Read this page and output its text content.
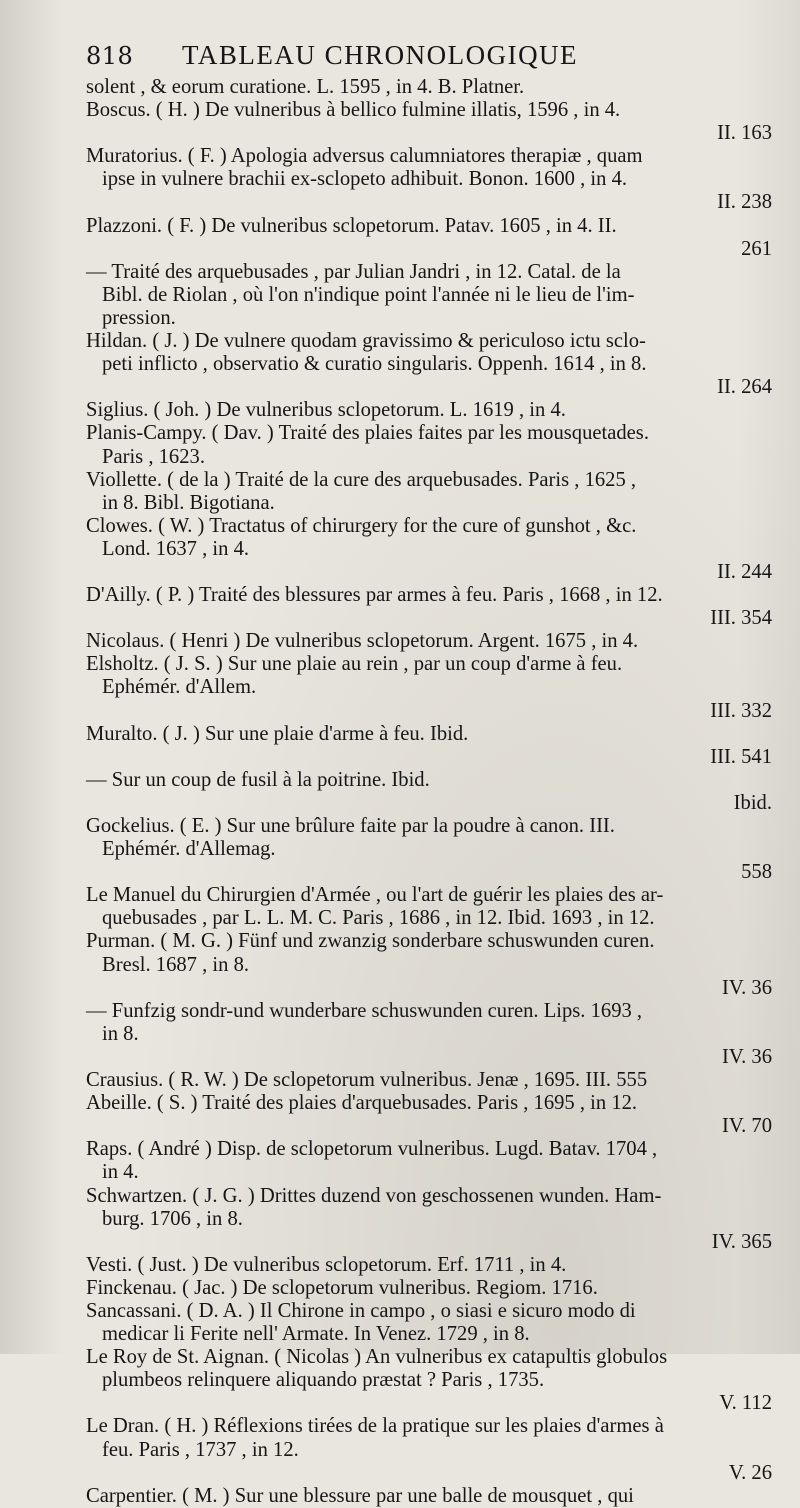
818	TABLEAU CHRONOLOGIQUE

solent , & eorum curatione. L. 1595 , in 4. B. Platner.

Boscus. ( H. ) De vulneribus à bellico fulmine illatis, 1596 , in 4.

II. 163

Muratorius. ( F. ) Apologia adversus calumniatores therapiæ , quam
ipse in vulnere brachii ex-sclopeto adhibuit. Bonon. 1600 , in 4.

II. 238

Plazzoni. ( F. ) De vulneribus sclopetorum. Patav. 1605 , in 4. II.

261

— Traité des arquebusades , par Julian Jandri , in 12. Catal. de la
Bibl. de Riolan , où l'on n'indique point l'année ni le lieu de l'im-
pression.

Hildan. ( J. ) De vulnere quodam gravissimo & periculoso ictu sclo-
peti inflicto , observatio & curatio singularis. Oppenh. 1614 , in 8.

II. 264

Siglius. ( Joh. ) De vulneribus sclopetorum. L. 1619 , in 4.

Planis-Campy. ( Dav. ) Traité des plaies faites par les mousquetades.
Paris , 1623.

Viollette. ( de la ) Traité de la cure des arquebusades. Paris , 1625 ,
in 8. Bibl. Bigotiana.

Clowes. ( W. ) Tractatus of chirurgery for the cure of gunshot , &c.
Lond. 1637 , in 4.

II. 244

D'Ailly. ( P. ) Traité des blessures par armes à feu. Paris , 1668 , in 12.

III. 354

Nicolaus. ( Henri ) De vulneribus sclopetorum. Argent. 1675 , in 4.

Elsholtz. ( J. S. ) Sur une plaie au rein , par un coup d'arme à feu.
Ephémér. d'Allem.

III. 332

Muralto. ( J. ) Sur une plaie d'arme à feu. Ibid.

III. 541

— Sur un coup de fusil à la poitrine. Ibid.

Ibid.

Gockelius. ( E. ) Sur une brûlure faite par la poudre à canon. III.
Ephémér. d'Allemag.

558

Le Manuel du Chirurgien d'Armée , ou l'art de guérir les plaies des ar-
quebusades , par L. L. M. C. Paris , 1686 , in 12. Ibid. 1693 , in 12.

Purman. ( M. G. ) Fünf und zwanzig sonderbare schuswunden curen.
Bresl. 1687 , in 8.

IV. 36

— Funfzig sondr-und wunderbare schuswunden curen. Lips. 1693 ,
in 8.

IV. 36

Crausius. ( R. W. ) De sclopetorum vulneribus. Jenæ , 1695. III. 555

Abeille. ( S. ) Traité des plaies d'arquebusades. Paris , 1695 , in 12.

IV. 70

Raps. ( André ) Disp. de sclopetorum vulneribus. Lugd. Batav. 1704 ,
in 4.

Schwartzen. ( J. G. ) Drittes duzend von geschossenen wunden. Ham-
burg. 1706 , in 8.

IV. 365

Vesti. ( Just. ) De vulneribus sclopetorum. Erf. 1711 , in 4.

Finckenau. ( Jac. ) De sclopetorum vulneribus. Regiom. 1716.

Sancassani. ( D. A. ) Il Chirone in campo , o siasi e sicuro modo di
medicar li Ferite nell' Armate. In Venez. 1729 , in 8.

Le Roy de St. Aignan. ( Nicolas ) An vulneribus ex catapultis globulos
plumbeos relinquere aliquando præstat ? Paris , 1735.

V. 112

Le Dran. ( H. ) Réflexions tirées de la pratique sur les plaies d'armes à
feu. Paris , 1737 , in 12.

V. 26

Carpentier. ( M. ) Sur une blessure par une balle de mousquet , qui
